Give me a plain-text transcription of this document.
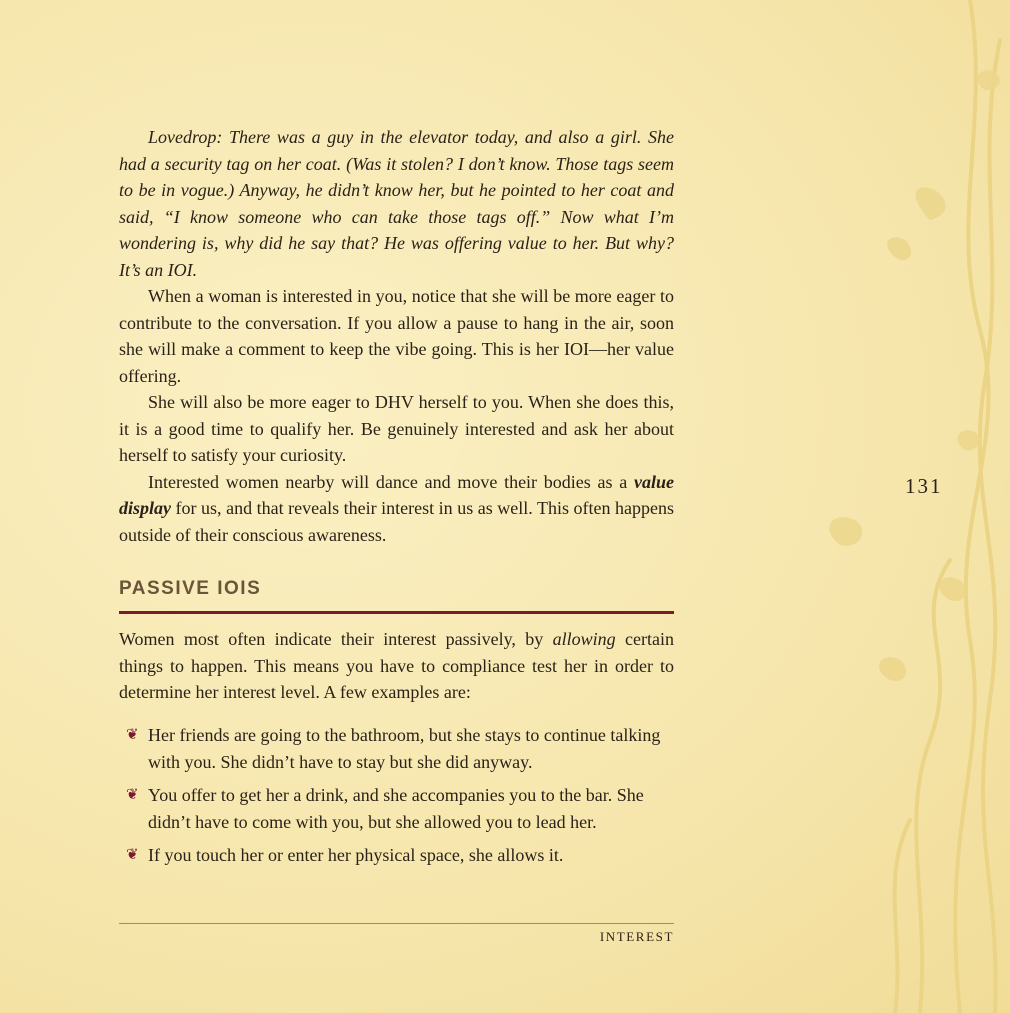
Lovedrop: There was a guy in the elevator today, and also a girl. She had a security tag on her coat. (Was it stolen? I don’t know. Those tags seem to be in vogue.) Anyway, he didn’t know her, but he pointed to her coat and said, “I know someone who can take those tags off.” Now what I’m wondering is, why did he say that? He was offering value to her. But why? It’s an IOI.

When a woman is interested in you, notice that she will be more eager to contribute to the conversation. If you allow a pause to hang in the air, soon she will make a comment to keep the vibe going. This is her IOI—her value offering.

She will also be more eager to DHV herself to you. When she does this, it is a good time to qualify her. Be genuinely interested and ask her about herself to satisfy your curiosity.

Interested women nearby will dance and move their bodies as a value display for us, and that reveals their interest in us as well. This often happens outside of their conscious awareness.

PASSIVE IOIS

Women most often indicate their interest passively, by allowing certain things to happen. This means you have to compliance test her in order to determine her interest level. A few examples are:

❦ Her friends are going to the bathroom, but she stays to continue talking with you. She didn’t have to stay but she did anyway.
❦ You offer to get her a drink, and she accompanies you to the bar. She didn’t have to come with you, but she allowed you to lead her.
❦ If you touch her or enter her physical space, she allows it.
INTEREST
131
